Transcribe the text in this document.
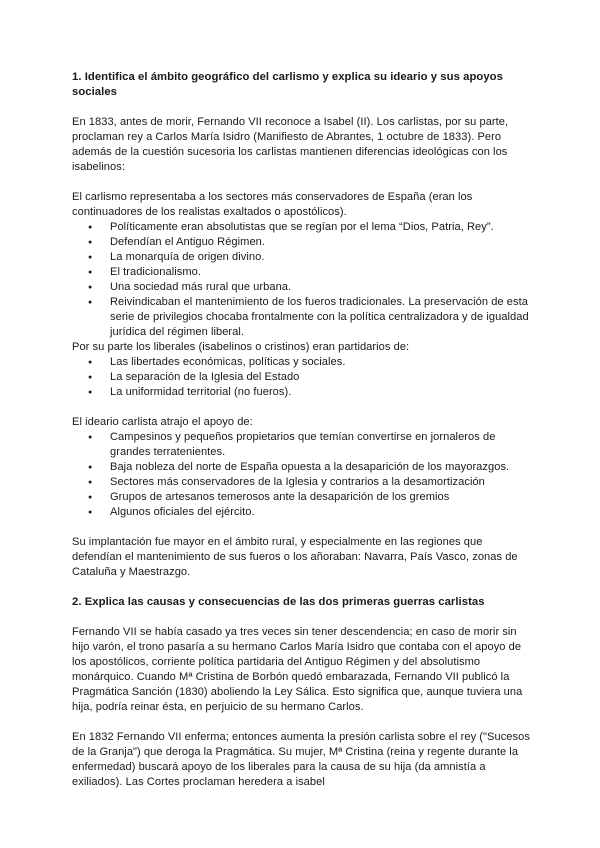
1. Identifica el ámbito geográfico del carlismo y explica su ideario y sus apoyos sociales

En 1833, antes de morir, Fernando VII reconoce a Isabel (II). Los carlistas, por su parte, proclaman rey a Carlos María Isidro (Manifiesto de Abrantes, 1 octubre de 1833). Pero además de la cuestión sucesoria los carlistas mantienen diferencias ideológicas con los isabelinos:

El carlismo representaba a los sectores más conservadores de España (eran los continuadores de los realistas exaltados o apostólicos).

● Políticamente eran absolutistas que se regían por el lema “Dios, Patria, Rey”.
● Defendían el Antiguo Régimen.
● La monarquía de origen divino.
● El tradicionalismo.
● Una sociedad más rural que urbana.
● Reivindicaban el mantenimiento de los fueros tradicionales. La preservación de esta serie de privilegios chocaba frontalmente con la política centralizadora y de igualdad jurídica del régimen liberal.

Por su parte los liberales (isabelinos o cristinos) eran partidarios de:

● Las libertades económicas, políticas y sociales.
● La separación de la Iglesia del Estado
● La uniformidad territorial (no fueros).

El ideario carlista atrajo el apoyo de:

● Campesinos y pequeños propietarios que temían convertirse en jornaleros de grandes terratenientes.
● Baja nobleza del norte de España opuesta a la desaparición de los mayorazgos.
● Sectores más conservadores de la Iglesia y contrarios a la desamortización
● Grupos de artesanos temerosos ante la desaparición de los gremios
● Algunos oficiales del ejército.

Su implantación fue mayor en el ámbito rural, y especialmente en las regiones que defendían el mantenimiento de sus fueros o los añoraban: Navarra, País Vasco, zonas de Cataluña y Maestrazgo.

2. Explica las causas y consecuencias de las dos primeras guerras carlistas

Fernando VII se había casado ya tres veces sin tener descendencia; en caso de morir sin hijo varón, el trono pasaría a su hermano Carlos María Isidro que contaba con el apoyo de los apostólicos, corriente política partidaria del Antiguo Régimen y del absolutismo monárquico. Cuando Mª Cristina de Borbón quedó embarazada, Fernando VII publicó la Pragmática Sanción (1830) aboliendo la Ley Sálica. Esto significa que, aunque tuviera una hija, podría reinar ésta, en perjuicio de su hermano Carlos.

En 1832 Fernando VII enferma; entonces aumenta la presión carlista sobre el rey ("Sucesos de la Granja") que deroga la Pragmática. Su mujer, Mª Cristina (reina y regente durante la enfermedad) buscará apoyo de los liberales para la causa de su hija (da amnistía a exiliados). Las Cortes proclaman heredera a isabel
